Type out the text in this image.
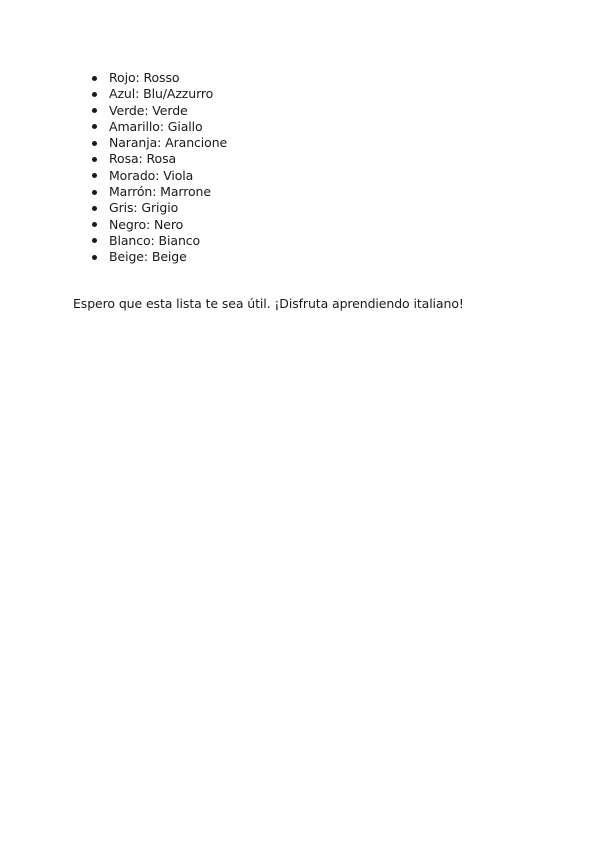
Rojo: Rosso
Azul: Blu/Azzurro
Verde: Verde
Amarillo: Giallo
Naranja: Arancione
Rosa: Rosa
Morado: Viola
Marrón: Marrone
Gris: Grigio
Negro: Nero
Blanco: Bianco
Beige: Beige

Espero que esta lista te sea útil. ¡Disfruta aprendiendo italiano!
